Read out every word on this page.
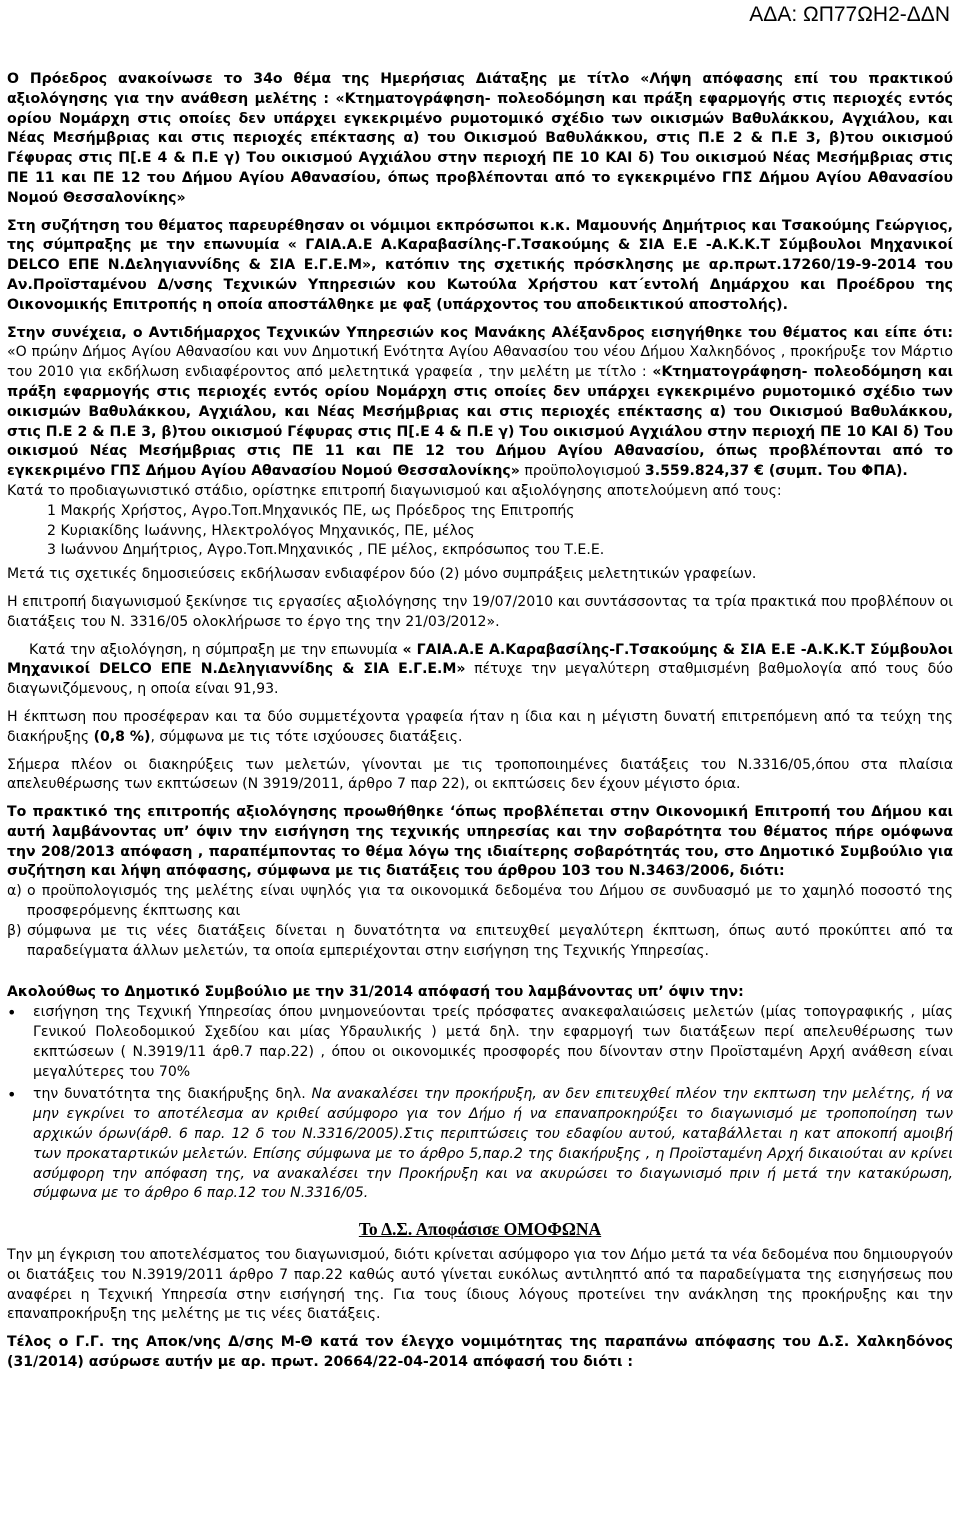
ΑΔΑ: ΩΠ77ΩΗ2-ΔΔΝ

Ο Πρόεδρος ανακοίνωσε το 34ο θέμα της Ημερήσιας Διάταξης με τίτλο «Λήψη απόφασης επί του πρακτικού αξιολόγησης για την ανάθεση μελέτης : «Κτηματογράφηση- πολεοδόμηση και πράξη εφαρμογής στις περιοχές εντός ορίου Νομάρχη στις οποίες δεν υπάρχει εγκεκριμένο ρυμοτομικό σχέδιο των οικισμών Βαθυλάκκου, Αγχιάλου, και Νέας Μεσήμβριας και στις περιοχές επέκτασης α) του Οικισμού Βαθυλάκκου, στις Π.Ε 2 & Π.Ε 3, β)του οικισμού Γέφυρας στις Π[.Ε 4 & Π.Ε γ) Του οικισμού Αγχιάλου στην περιοχή ΠΕ 10 ΚΑΙ δ) Του οικισμού Νέας Μεσήμβριας στις ΠΕ 11 και ΠΕ 12 του Δήμου Αγίου Αθανασίου, όπως προβλέπονται από το εγκεκριμένο ΓΠΣ Δήμου Αγίου Αθανασίου Νομού Θεσσαλονίκης»

Στη συζήτηση του θέματος παρευρέθησαν οι νόμιμοι εκπρόσωποι κ.κ. Μαμουνής Δημήτριος και Τσακούμης Γεώργιος, της σύμπραξης με την επωνυμία « ΓΑΙΑ.Α.Ε Α.Καραβασίλης-Γ.Τσακούμης & ΣΙΑ Ε.Ε -Α.Κ.Κ.Τ Σύμβουλοι Μηχανικοί DELCO ΕΠΕ Ν.Δεληγιαννίδης & ΣΙΑ Ε.Γ.Ε.Μ», κατόπιν της σχετικής πρόσκλησης με αρ.πρωτ.17260/19-9-2014 του Αν.Προϊσταμένου Δ/νσης Τεχνικών Υπηρεσιών κου Κωτούλα Χρήστου κατ΄εντολή Δημάρχου και Προέδρου της Οικονομικής Επιτροπής η οποία αποστάλθηκε με φαξ (υπάρχοντος του αποδεικτικού αποστολής).

Στην συνέχεια, ο Αντιδήμαρχος Τεχνικών Υπηρεσιών κος Μανάκης Αλέξανδρος εισηγήθηκε του θέματος και είπε ότι: «Ο πρώην Δήμος Αγίου Αθανασίου και νυν Δημοτική Ενότητα Αγίου Αθανασίου του νέου Δήμου Χαλκηδόνος , προκήρυξε τον Μάρτιο του 2010 για εκδήλωση ενδιαφέροντος από μελετητικά γραφεία , την μελέτη με τίτλο : «Κτηματογράφηση- πολεοδόμηση και πράξη εφαρμογής στις περιοχές εντός ορίου Νομάρχη στις οποίες δεν υπάρχει εγκεκριμένο ρυμοτομικό σχέδιο των οικισμών Βαθυλάκκου, Αγχιάλου, και Νέας Μεσήμβριας και στις περιοχές επέκτασης α) του Οικισμού Βαθυλάκκου, στις Π.Ε 2 & Π.Ε 3, β)του οικισμού Γέφυρας στις Π[.Ε 4 & Π.Ε γ) Του οικισμού Αγχιάλου στην περιοχή ΠΕ 10 ΚΑΙ δ) Του οικισμού Νέας Μεσήμβριας στις ΠΕ 11 και ΠΕ 12 του Δήμου Αγίου Αθανασίου, όπως προβλέπονται από το εγκεκριμένο ΓΠΣ Δήμου Αγίου Αθανασίου Νομού Θεσσαλονίκης» προϋπολογισμού 3.559.824,37 € (συμπ. Του ΦΠΑ).

Κατά το προδιαγωνιστικό στάδιο, ορίστηκε επιτροπή διαγωνισμού και αξιολόγησης αποτελούμενη από τους:

1 Μακρής Χρήστος, Αγρο.Τοπ.Μηχανικός ΠΕ, ως Πρόεδρος της Επιτροπής
2 Κυριακίδης Ιωάννης, Ηλεκτρολόγος Μηχανικός, ΠΕ, μέλος
3 Ιωάννου Δημήτριος, Αγρο.Τοπ.Μηχανικός , ΠΕ μέλος, εκπρόσωπος του Τ.Ε.Ε.

Μετά τις σχετικές δημοσιεύσεις εκδήλωσαν ενδιαφέρον δύο (2) μόνο συμπράξεις μελετητικών γραφείων.

Η επιτροπή διαγωνισμού ξεκίνησε τις εργασίες αξιολόγησης την 19/07/2010 και συντάσσοντας τα τρία πρακτικά που προβλέπουν οι διατάξεις του Ν. 3316/05 ολοκλήρωσε το έργο της την 21/03/2012».

Κατά την αξιολόγηση, η σύμπραξη με την επωνυμία « ΓΑΙΑ.Α.Ε Α.Καραβασίλης-Γ.Τσακούμης & ΣΙΑ Ε.Ε -Α.Κ.Κ.Τ Σύμβουλοι Μηχανικοί DELCO ΕΠΕ Ν.Δεληγιαννίδης & ΣΙΑ Ε.Γ.Ε.Μ» πέτυχε την μεγαλύτερη σταθμισμένη βαθμολογία από τους δύο διαγωνιζόμενους, η οποία είναι 91,93.

Η έκπτωση που προσέφεραν και τα δύο συμμετέχοντα γραφεία ήταν η ίδια και η μέγιστη δυνατή επιτρεπόμενη από τα τεύχη της διακήρυξης (0,8 %), σύμφωνα με τις τότε ισχύουσες διατάξεις.

Σήμερα πλέον οι διακηρύξεις των μελετών, γίνονται με τις τροποποιημένες διατάξεις του Ν.3316/05,όπου στα πλαίσια απελευθέρωσης των εκπτώσεων (Ν 3919/2011, άρθρο 7 παρ 22), οι εκπτώσεις δεν έχουν μέγιστο όρια.

Το πρακτικό της επιτροπής αξιολόγησης προωθήθηκε ‘όπως προβλέπεται στην Οικονομική Επιτροπή του Δήμου και αυτή λαμβάνοντας υπ’ όψιν την εισήγηση της τεχνικής υπηρεσίας και την σοβαρότητα του θέματος πήρε ομόφωνα την 208/2013 απόφαση , παραπέμποντας το θέμα λόγω της ιδιαίτερης σοβαρότητάς του, στο Δημοτικό Συμβούλιο για συζήτηση και λήψη απόφασης, σύμφωνα με τις διατάξεις του άρθρου 103 του Ν.3463/2006, διότι:

α) ο προϋπολογισμός της μελέτης είναι υψηλός για τα οικονομικά δεδομένα του Δήμου σε συνδυασμό με το χαμηλό ποσοστό της προσφερόμενης έκπτωσης και
β) σύμφωνα με τις νέες διατάξεις δίνεται η δυνατότητα να επιτευχθεί μεγαλύτερη έκπτωση, όπως αυτό προκύπτει από τα παραδείγματα άλλων μελετών, τα οποία εμπεριέχονται στην εισήγηση της Τεχνικής Υπηρεσίας.

Ακολούθως το Δημοτικό Συμβούλιο με την 31/2014 απόφασή του λαμβάνοντας υπ’ όψιν την:

•	εισήγηση της Τεχνική Υπηρεσίας όπου μνημονεύονται τρείς πρόσφατες ανακεφαλαιώσεις μελετών (μίας τοπογραφικής , μίας Γενικού Πολεοδομικού Σχεδίου και μίας Υδραυλικής ) μετά δηλ. την εφαρμογή των διατάξεων περί απελευθέρωσης των εκπτώσεων ( Ν.3919/11 άρθ.7 παρ.22) , όπου οι οικονομικές προσφορές που δίνονταν στην Προϊσταμένη Αρχή ανάθεση είναι μεγαλύτερες του 70%
•	την δυνατότητα της διακήρυξης δηλ. Να ανακαλέσει την προκήρυξη, αν δεν επιτευχθεί πλέον την εκπτωση την μελέτης, ή να μην εγκρίνει το αποτέλεσμα αν κριθεί ασύμφορο για τον Δήμο ή να επαναπροκηρύξει το διαγωνισμό με τροποποίηση των αρχικών όρων(άρθ. 6 παρ. 12 δ του Ν.3316/2005).Στις περιπτώσεις του εδαφίου αυτού, καταβάλλεται η κατ αποκοπή αμοιβή των προκαταρτικών μελετών. Επίσης σύμφωνα με το άρθρο 5,παρ.2 της διακήρυξης , η Προϊσταμένη Αρχή δικαιούται αν κρίνει ασύμφορη την απόφαση της, να ανακαλέσει την Προκήρυξη και να ακυρώσει το διαγωνισμό πριν ή μετά την κατακύρωση, σύμφωνα με το άρθρο 6 παρ.12 του Ν.3316/05.
Το Δ.Σ. Αποφάσισε ΟΜΟΦΩΝΑ

Την μη έγκριση του αποτελέσματος του διαγωνισμού, διότι κρίνεται ασύμφορο για τον Δήμο μετά τα νέα δεδομένα που δημιουργούν οι διατάξεις του Ν.3919/2011 άρθρο 7 παρ.22 καθώς αυτό γίνεται ευκόλως αντιληπτό από τα παραδείγματα της εισηγήσεως που αναφέρει η Τεχνική Υπηρεσία στην εισήγησή της. Για τους ίδιους λόγους προτείνει την ανάκληση της προκήρυξης και την επαναπροκήρυξη της μελέτης με τις νέες διατάξεις.

Τέλος ο Γ.Γ. της Αποκ/νης Δ/σης Μ-Θ κατά τον έλεγχο νομιμότητας της παραπάνω απόφασης του Δ.Σ. Χαλκηδόνος (31/2014) ασύρωσε αυτήν με αρ. πρωτ. 20664/22-04-2014 απόφασή του διότι :
